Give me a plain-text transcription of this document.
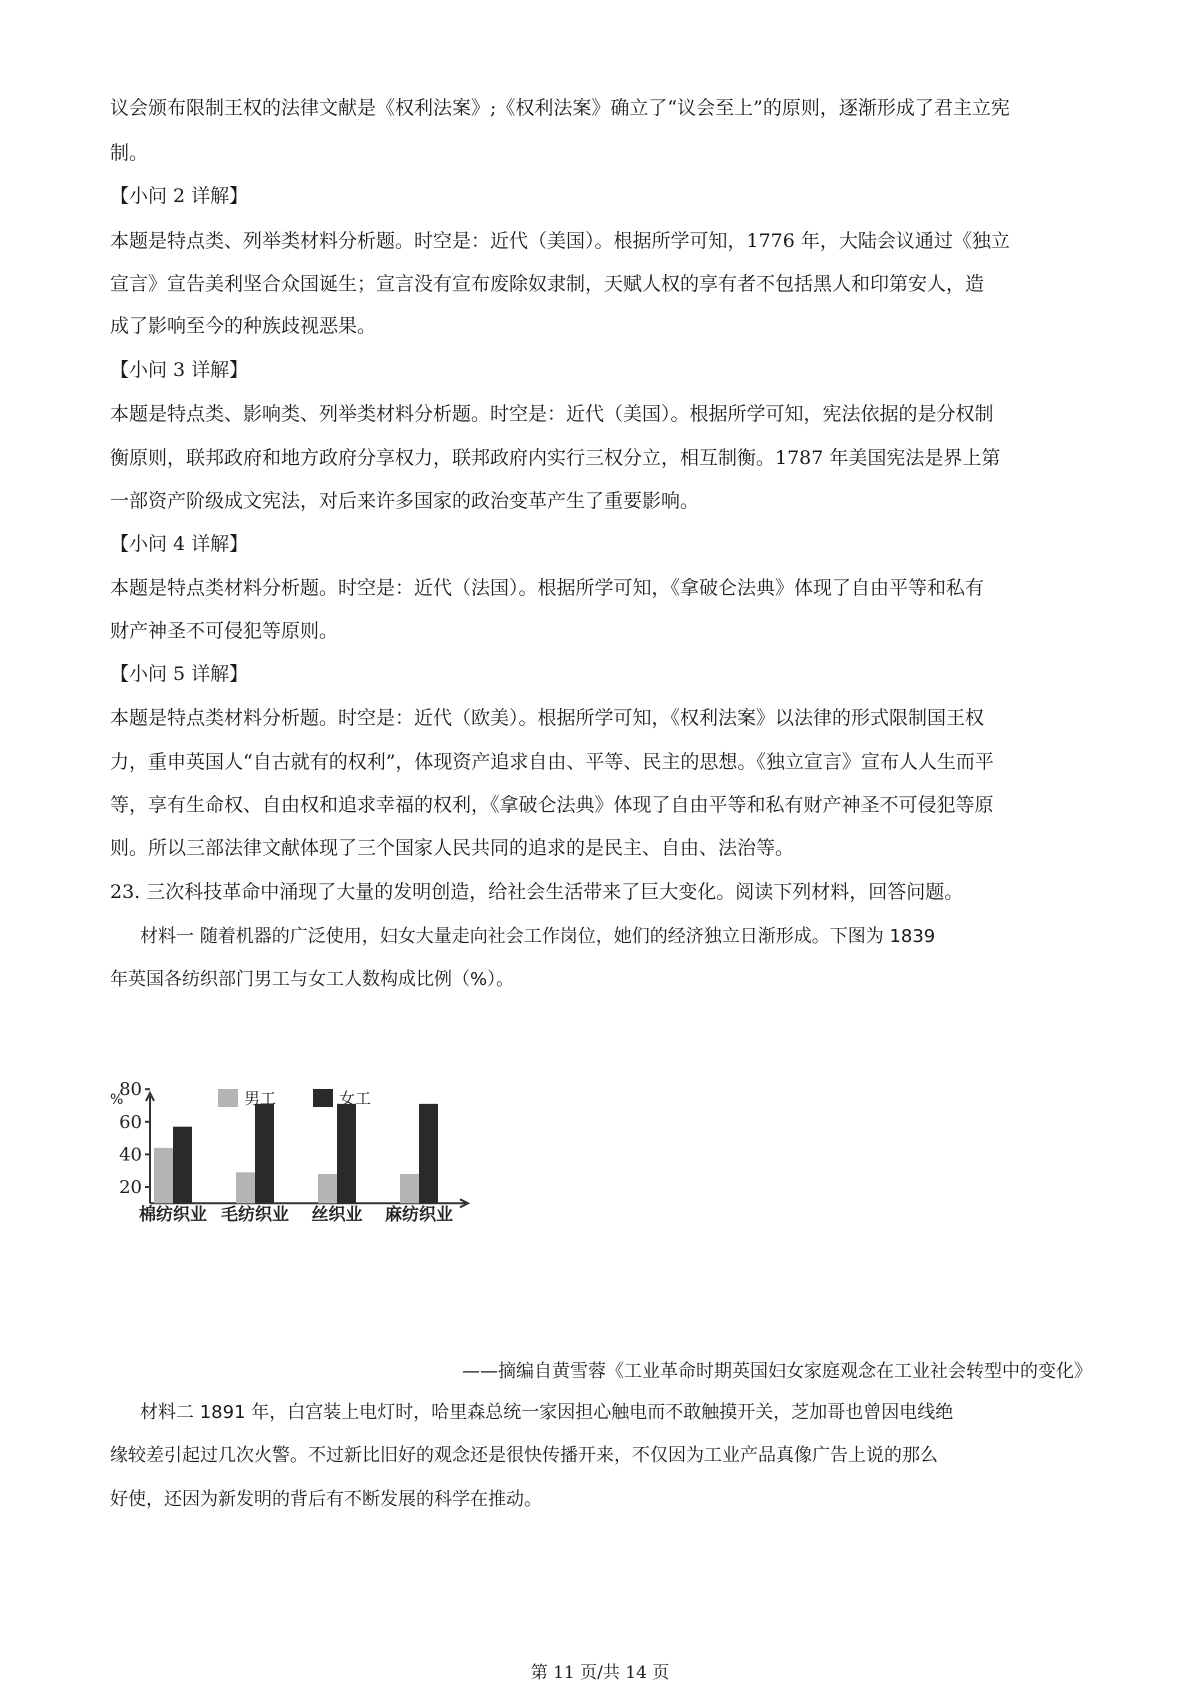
议会颁布限制王权的法律文献是《权利法案》;《权利法案》确立了“议会至上”的原则，逐渐形成了君主立宪
制。
【小问 2 详解】
本题是特点类、列举类材料分析题。时空是：近代（美国）。根据所学可知，1776 年，大陆会议通过《独立
宣言》宣告美利坚合众国诞生；宣言没有宣布废除奴隶制，天赋人权的享有者不包括黑人和印第安人，造
成了影响至今的种族歧视恶果。
【小问 3 详解】
本题是特点类、影响类、列举类材料分析题。时空是：近代（美国）。根据所学可知，宪法依据的是分权制
衡原则，联邦政府和地方政府分享权力，联邦政府内实行三权分立，相互制衡。1787 年美国宪法是界上第
一部资产阶级成文宪法，对后来许多国家的政治变革产生了重要影响。
【小问 4 详解】
本题是特点类材料分析题。时空是：近代（法国）。根据所学可知，《拿破仑法典》体现了自由平等和私有
财产神圣不可侵犯等原则。
【小问 5 详解】
本题是特点类材料分析题。时空是：近代（欧美）。根据所学可知，《权利法案》以法律的形式限制国王权
力，重申英国人“自古就有的权利”，体现资产追求自由、平等、民主的思想。《独立宣言》宣布人人生而平
等，享有生命权、自由权和追求幸福的权利，《拿破仑法典》体现了自由平等和私有财产神圣不可侵犯等原
则。所以三部法律文献体现了三个国家人民共同的追求的是民主、自由、法治等。
23. 三次科技革命中涌现了大量的发明创造，给社会生活带来了巨大变化。阅读下列材料，回答问题。
材料一 随着机器的广泛使用，妇女大量走向社会工作岗位，她们的经济独立日渐形成。下图为 1839
年英国各纺织部门男工与女工人数构成比例（%）。
%
20
40
60
80
棉纺织业 毛纺织业 丝织业 麻纺织业
男工	女工
——摘编自黄雪蓉《工业革命时期英国妇女家庭观念在工业社会转型中的变化》
材料二 1891 年，白宫装上电灯时，哈里森总统一家因担心触电而不敢触摸开关，芝加哥也曾因电线绝
缘较差引起过几次火警。不过新比旧好的观念还是很快传播开来，不仅因为工业产品真像广告上说的那么
好使，还因为新发明的背后有不断发展的科学在推动。
第 11 页/共 14 页
